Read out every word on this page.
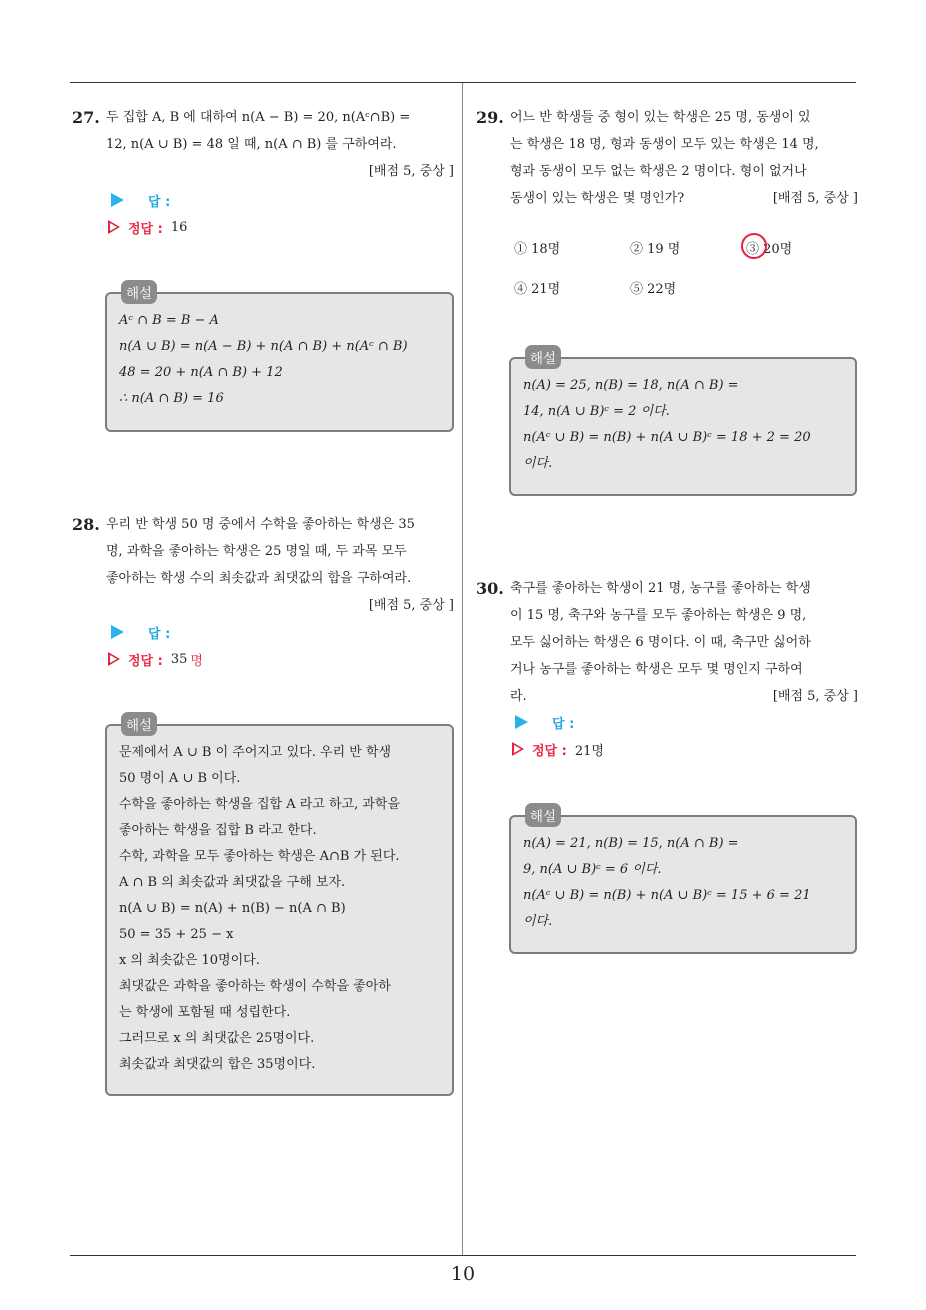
10
27. 두 집합 A, B 에 대하여 n(A − B) = 20, n(Aᶜ∩B) =
12, n(A ∪ B) = 48 일 때, n(A ∩ B) 를 구하여라.
[배점 5, 중상 ]
답 :
정답 : 16
해설
Aᶜ ∩ B = B − A
n(A ∪ B) = n(A − B) + n(A ∩ B) + n(Aᶜ ∩ B)
48 = 20 + n(A ∩ B) + 12
∴ n(A ∩ B) = 16
28. 우리 반 학생 50 명 중에서 수학을 좋아하는 학생은 35
명, 과학을 좋아하는 학생은 25 명일 때, 두 과목 모두
좋아하는 학생 수의 최솟값과 최댓값의 합을 구하여라.
[배점 5, 중상 ]
답 :
정답 : 35 명
해설
문제에서 A ∪ B 이 주어지고 있다. 우리 반 학생
50 명이 A ∪ B 이다.
수학을 좋아하는 학생을 집합 A 라고 하고, 과학을
좋아하는 학생을 집합 B 라고 한다.
수학, 과학을 모두 좋아하는 학생은 A∩B 가 된다.
A ∩ B 의 최솟값과 최댓값을 구해 보자.
n(A ∪ B) = n(A) + n(B) − n(A ∩ B)
50 = 35 + 25 − x
x 의 최솟값은 10명이다.
최댓값은 과학을 좋아하는 학생이 수학을 좋아하
는 학생에 포함될 때 성립한다.
그러므로 x 의 최댓값은 25명이다.
최솟값과 최댓값의 합은 35명이다.
29. 어느 반 학생들 중 형이 있는 학생은 25 명, 동생이 있
는 학생은 18 명, 형과 동생이 모두 있는 학생은 14 명,
형과 동생이 모두 없는 학생은 2 명이다. 형이 없거나
동생이 있는 학생은 몇 명인가?	[배점 5, 중상 ]
① 18명	② 19 명	③ 20명
④ 21명	⑤ 22명
해설
n(A) = 25, n(B) = 18, n(A ∩ B) =
14, n(A ∪ B)ᶜ = 2 이다.
n(Aᶜ ∪ B) = n(B) + n(A ∪ B)ᶜ = 18 + 2 = 20
이다.
30. 축구를 좋아하는 학생이 21 명, 농구를 좋아하는 학생
이 15 명, 축구와 농구를 모두 좋아하는 학생은 9 명,
모두 싫어하는 학생은 6 명이다. 이 때, 축구만 싫어하
거나 농구를 좋아하는 학생은 모두 몇 명인지 구하여
라.	[배점 5, 중상 ]
답 :
정답 : 21명
해설
n(A) = 21, n(B) = 15, n(A ∩ B) =
9, n(A ∪ B)ᶜ = 6 이다.
n(Aᶜ ∪ B) = n(B) + n(A ∪ B)ᶜ = 15 + 6 = 21
이다.
